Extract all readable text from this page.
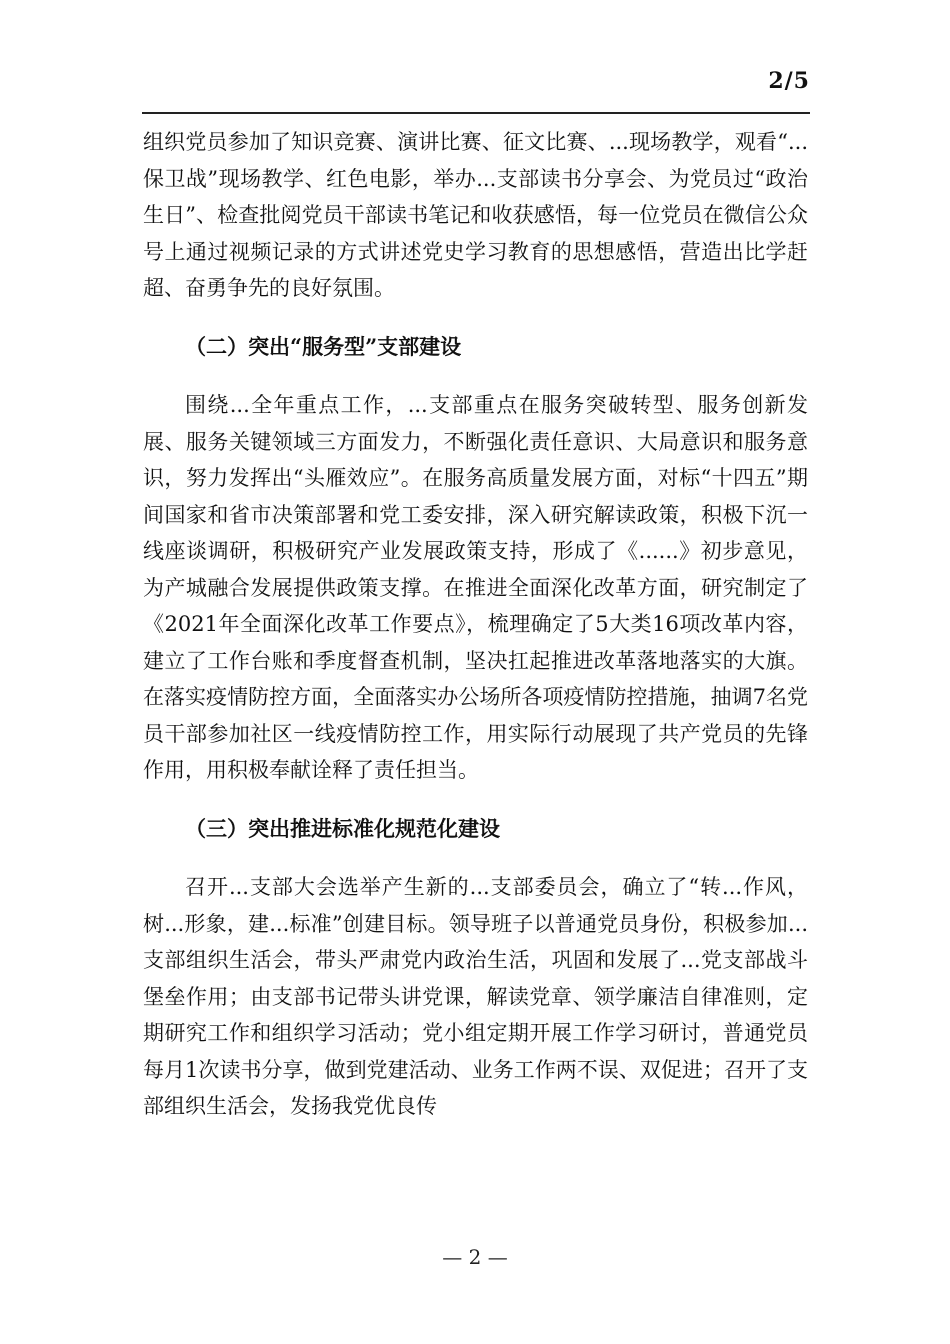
2/5

组织党员参加了知识竞赛、演讲比赛、征文比赛、...现场教学，观看“...保卫战”现场教学、红色电影，举办...支部读书分享会、为党员过“政治生日”、检查批阅党员干部读书笔记和收获感悟，每一位党员在微信公众号上通过视频记录的方式讲述党史学习教育的思想感悟，营造出比学赶超、奋勇争先的良好氛围。

（二）突出“服务型”支部建设

围绕...全年重点工作，...支部重点在服务突破转型、服务创新发展、服务关键领域三方面发力，不断强化责任意识、大局意识和服务意识，努力发挥出“头雁效应”。在服务高质量发展方面，对标“十四五”期间国家和省市决策部署和党工委安排，深入研究解读政策，积极下沉一线座谈调研，积极研究产业发展政策支持，形成了《......》初步意见，为产城融合发展提供政策支撑。在推进全面深化改革方面，研究制定了《2021年全面深化改革工作要点》，梳理确定了5大类16项改革内容，建立了工作台账和季度督查机制，坚决扛起推进改革落地落实的大旗。在落实疫情防控方面，全面落实办公场所各项疫情防控措施，抽调7名党员干部参加社区一线疫情防控工作，用实际行动展现了共产党员的先锋作用，用积极奉献诠释了责任担当。

（三）突出推进标准化规范化建设

召开...支部大会选举产生新的...支部委员会，确立了“转...作风，树...形象，建...标准”创建目标。领导班子以普通党员身份，积极参加...支部组织生活会，带头严肃党内政治生活，巩固和发展了...党支部战斗堡垒作用；由支部书记带头讲党课，解读党章、领学廉洁自律准则，定期研究工作和组织学习活动；党小组定期开展工作学习研讨，普通党员每月1次读书分享，做到党建活动、业务工作两不误、双促进；召开了支部组织生活会，发扬我党优良传

— 2 —
